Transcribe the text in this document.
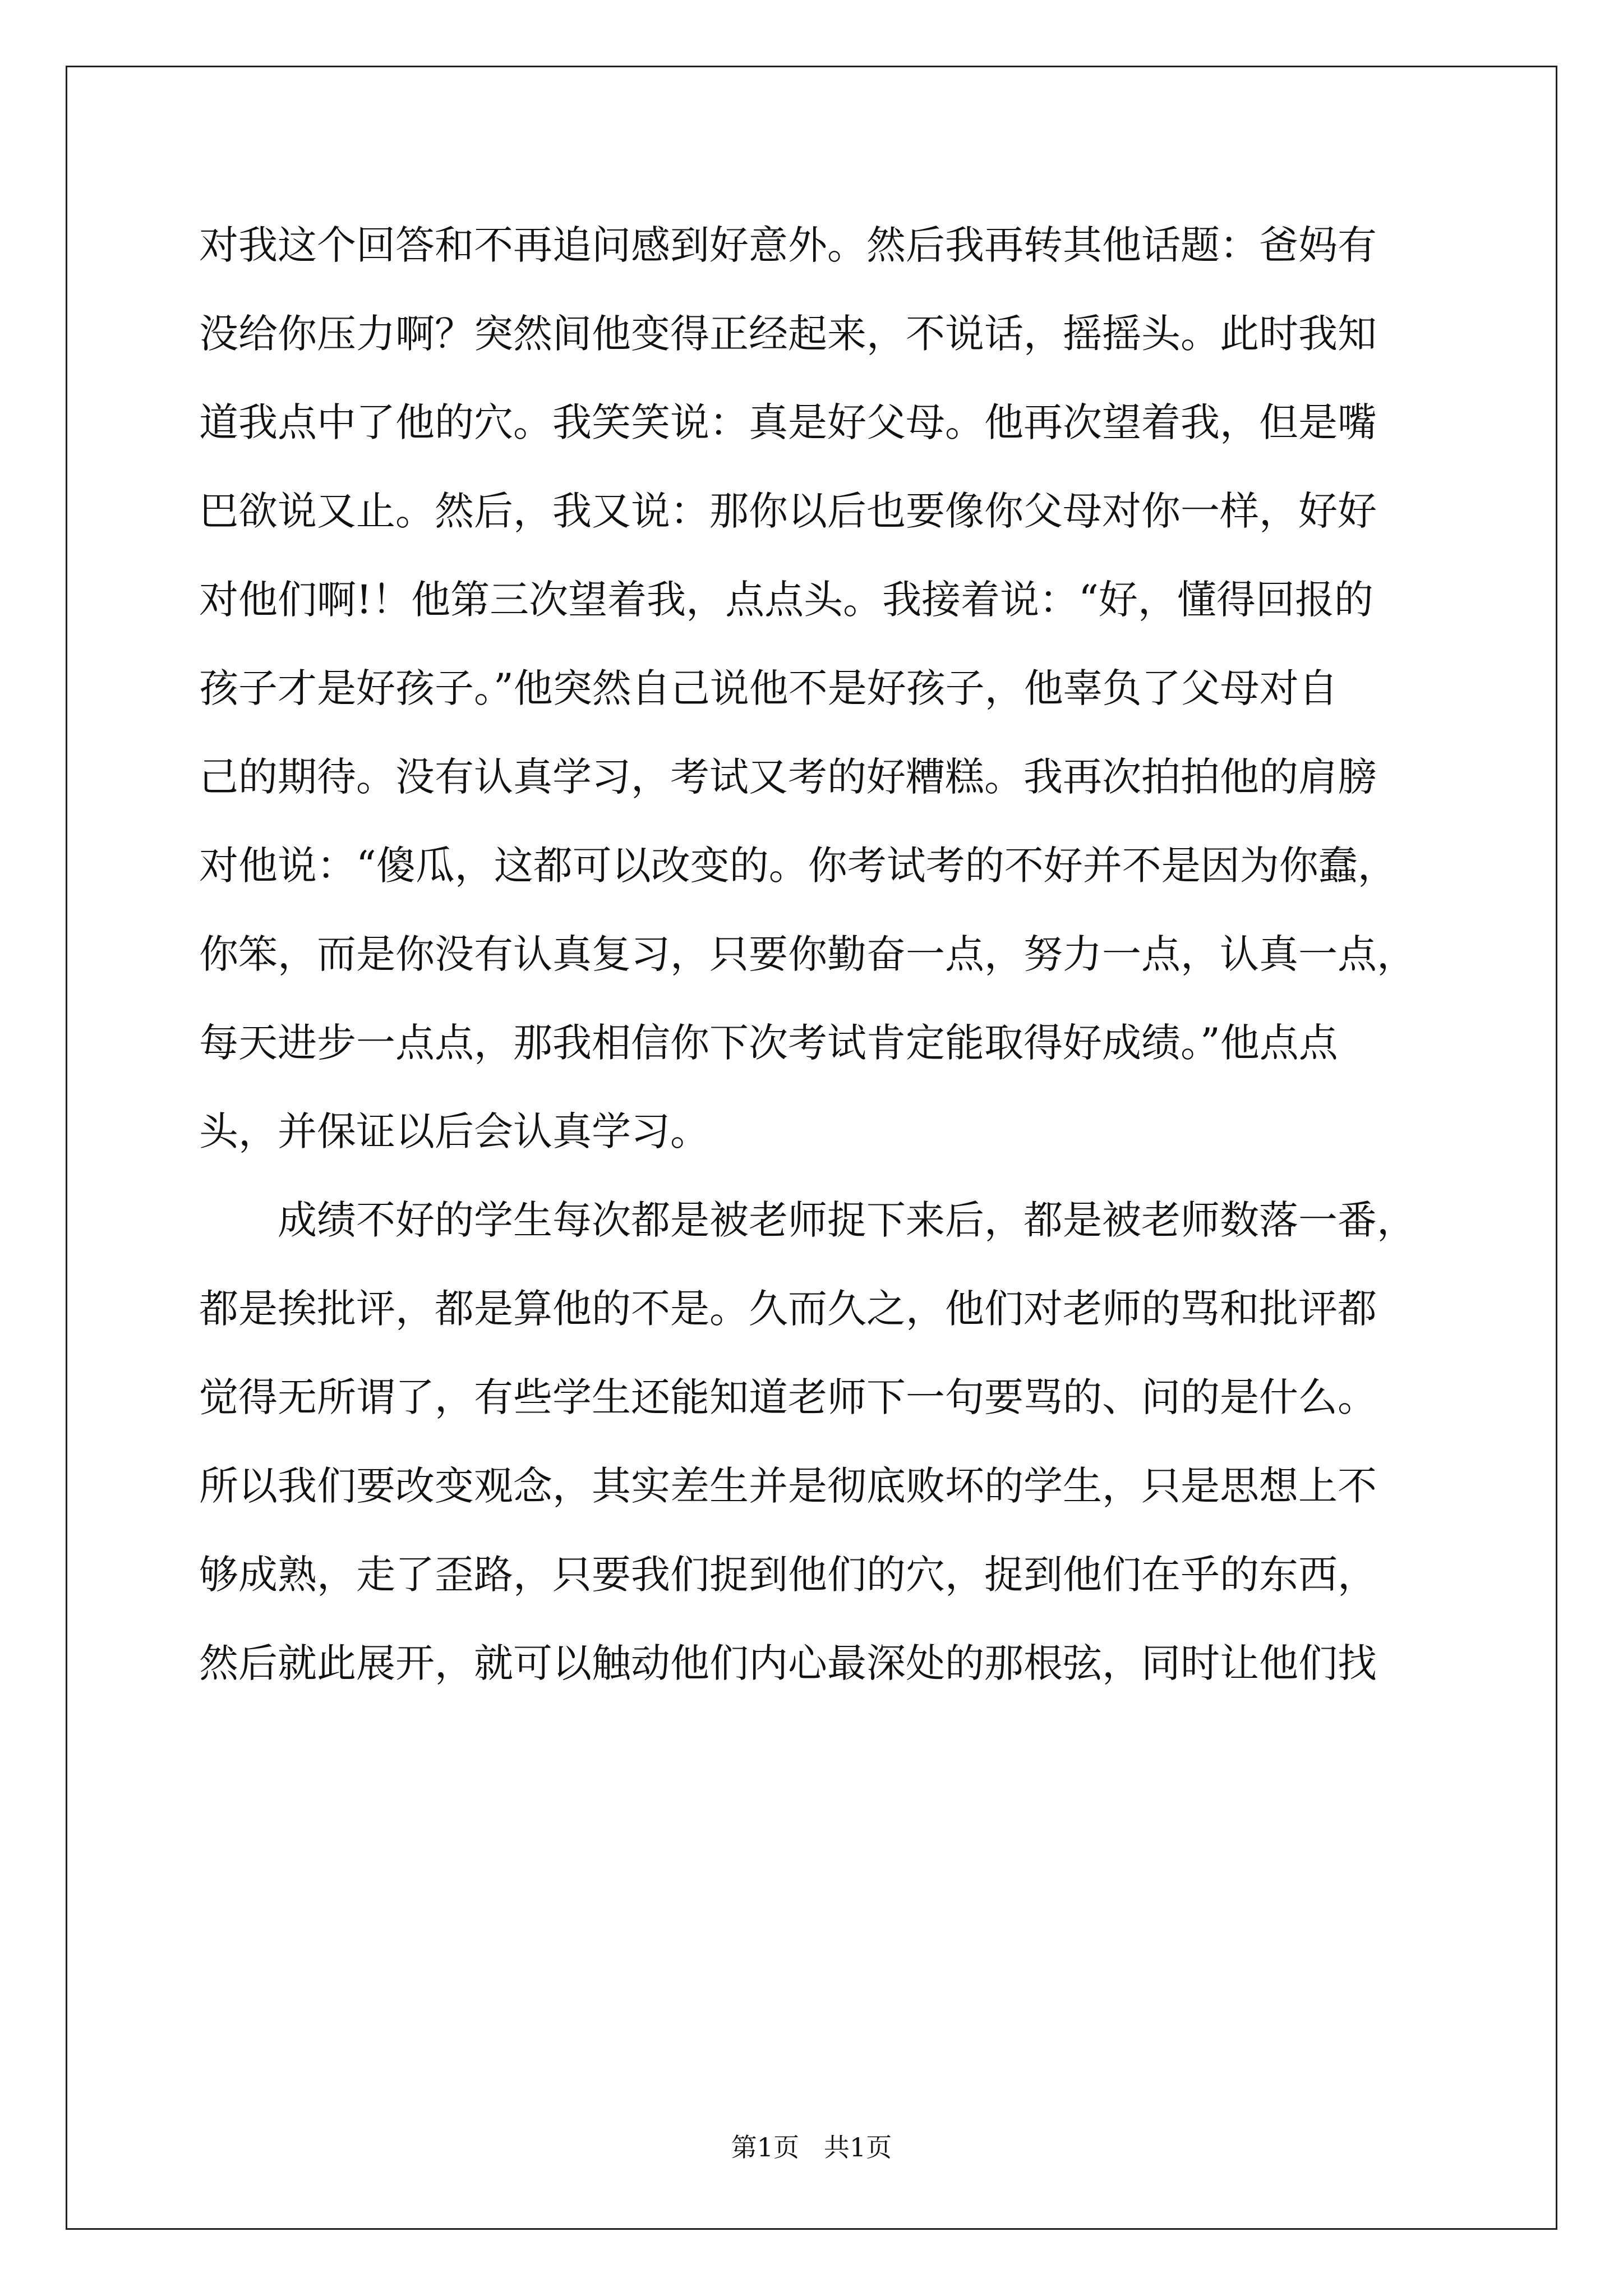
对我这个回答和不再追问感到好意外。然后我再转其他话题：爸妈有
没给你压力啊？突然间他变得正经起来，不说话，摇摇头。此时我知
道我点中了他的穴。我笑笑说：真是好父母。他再次望着我，但是嘴
巴欲说又止。然后，我又说：那你以后也要像你父母对你一样，好好
对他们啊!！他第三次望着我，点点头。我接着说：“好，懂得回报的
孩子才是好孩子。”他突然自己说他不是好孩子，他辜负了父母对自
己的期待。没有认真学习，考试又考的好糟糕。我再次拍拍他的肩膀
对他说：“傻瓜，这都可以改变的。你考试考的不好并不是因为你蠢，
你笨，而是你没有认真复习，只要你勤奋一点，努力一点，认真一点，
每天进步一点点，那我相信你下次考试肯定能取得好成绩。”他点点
头，并保证以后会认真学习。
成绩不好的学生每次都是被老师捉下来后，都是被老师数落一番，
都是挨批评，都是算他的不是。久而久之，他们对老师的骂和批评都
觉得无所谓了，有些学生还能知道老师下一句要骂的、问的是什么。
所以我们要改变观念，其实差生并是彻底败坏的学生，只是思想上不
够成熟，走了歪路，只要我们捉到他们的穴，捉到他们在乎的东西，
然后就此展开，就可以触动他们内心最深处的那根弦，同时让他们找
第1页   共1页
